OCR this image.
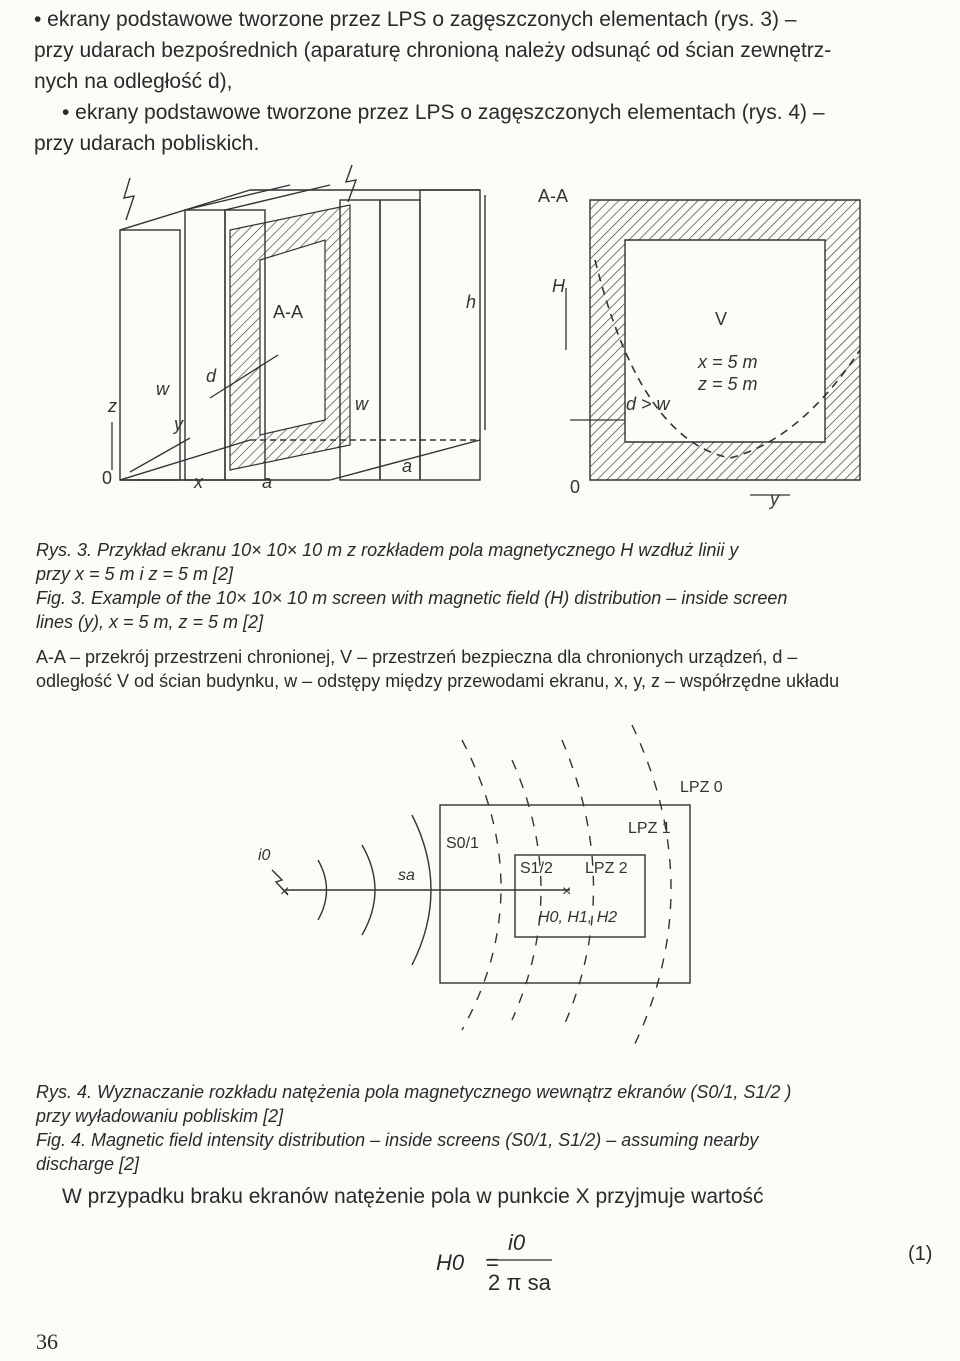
• ekrany podstawowe tworzone przez LPS o zagęszczonych elementach (rys. 3) –

przy udarach bezpośrednich (aparaturę chronioną należy odsunąć od ścian zewnętrz-

nych na odległość d),

• ekrany podstawowe tworzone przez LPS o zagęszczonych elementach (rys. 4) –

przy udarach pobliskich.

A-A	h
w
w
d
y
z
0	x	a
a
A-A
H
V
x = 5 m
z = 5 m
d > w
0
y
Rys. 3. Przykład ekranu 10× 10× 10 m z rozkładem pola magnetycznego H wzdłuż linii y
przy x = 5 m i z = 5 m [2]
Fig. 3. Example of the 10× 10× 10 m screen with magnetic field (H) distribution – inside screen
lines (y), x = 5 m, z = 5 m [2]
A-A – przekrój przestrzeni chronionej, V – przestrzeń bezpieczna dla chronionych urządzeń, d –
odległość V od ścian budynku, w – odstępy między przewodami ekranu, x, y, z – współrzędne układu
i0
×	×
sa
S0/1
S1/2
LPZ 0
LPZ 1
LPZ 2
H0, H1, H2
Rys. 4. Wyznaczanie rozkładu natężenia pola magnetycznego wewnątrz ekranów (S0/1, S1/2 )
przy wyładowaniu pobliskim [2]
Fig. 4. Magnetic field intensity distribution – inside screens (S0/1, S1/2) – assuming nearby
discharge [2]
W przypadku braku ekranów natężenie pola w punkcie X przyjmuje wartość
H0 =
i0
2 π sa
(1)
36
